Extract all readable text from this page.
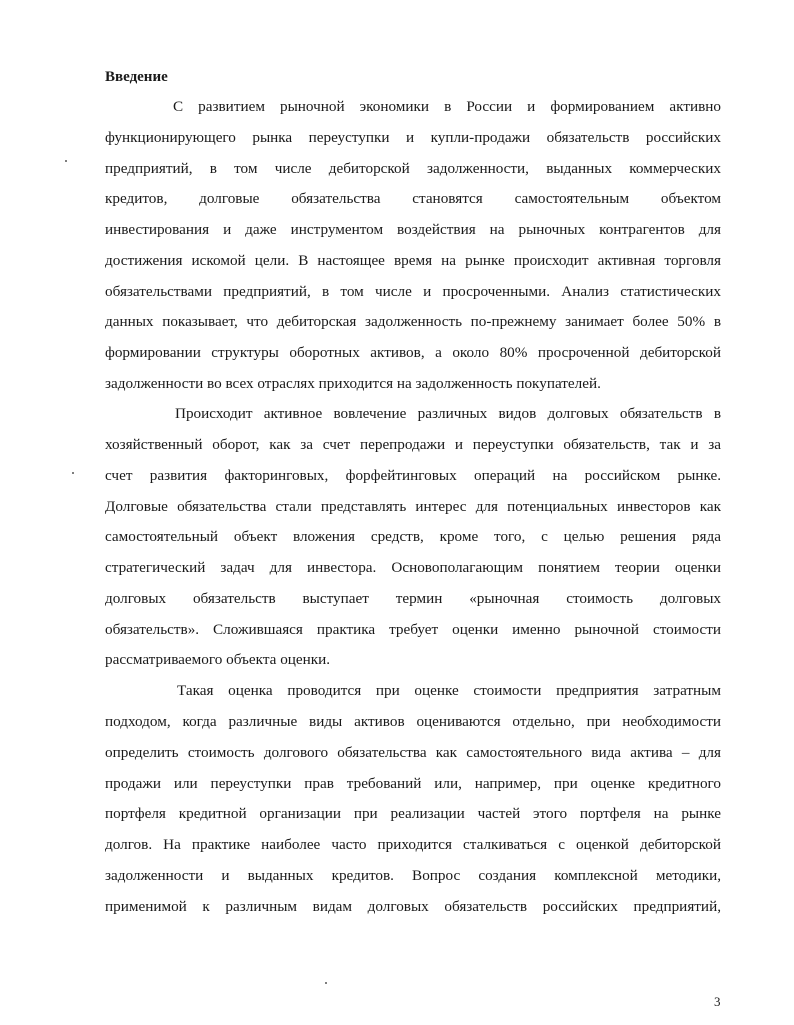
Введение

С развитием рыночной экономики в России и формированием активно

функционирующего рынка переуступки и купли-продажи обязательств российских

предприятий, в том числе дебиторской задолженности, выданных коммерческих

кредитов, долговые обязательства становятся самостоятельным объектом

инвестирования и даже инструментом воздействия на рыночных контрагентов для

достижения искомой цели. В настоящее время на рынке происходит активная торговля

обязательствами предприятий, в том числе и просроченными. Анализ статистических

данных показывает, что дебиторская задолженность по-прежнему занимает более 50% в

формировании структуры оборотных активов, а около 80% просроченной дебиторской

задолженности во всех отраслях приходится на задолженность покупателей.

Происходит активное вовлечение различных видов долговых обязательств в

хозяйственный оборот, как за счет перепродажи и переуступки обязательств, так и за

счет развития факторинговых, форфейтинговых операций на российском рынке.

Долговые обязательства стали представлять интерес для потенциальных инвесторов как

самостоятельный объект вложения средств, кроме того, с целью решения ряда

стратегический задач для инвестора. Основополагающим понятием теории оценки

долговых обязательств выступает термин «рыночная стоимость долговых

обязательств». Сложившаяся практика требует оценки именно рыночной стоимости

рассматриваемого объекта оценки.

Такая оценка проводится при оценке стоимости предприятия затратным

подходом, когда различные виды активов оцениваются отдельно, при необходимости

определить стоимость долгового обязательства как самостоятельного вида актива – для

продажи или переуступки прав требований или, например, при оценке кредитного

портфеля кредитной организации при реализации частей этого портфеля на рынке

долгов. На практике наиболее часто приходится сталкиваться с оценкой дебиторской

задолженности и выданных кредитов. Вопрос создания комплексной методики,

применимой к различным видам долговых обязательств российских предприятий,

3
